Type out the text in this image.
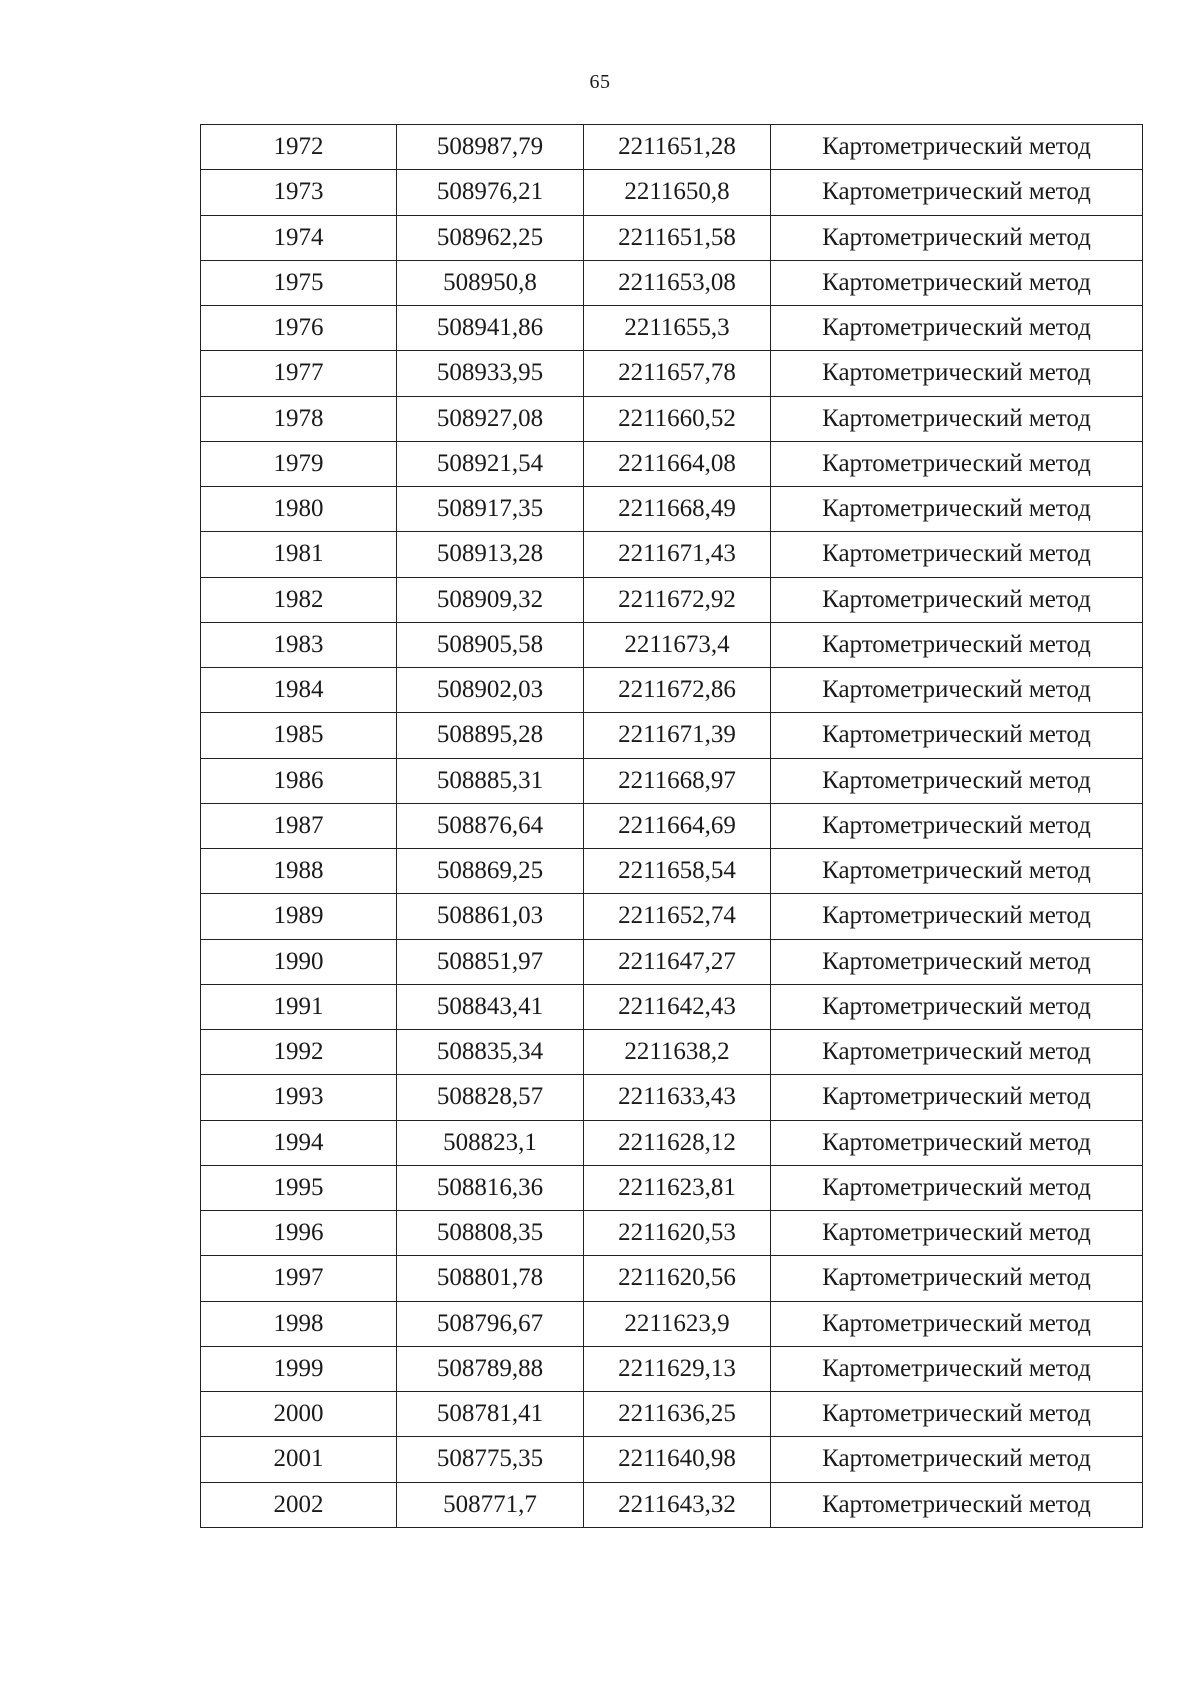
65
1972	508987,79	2211651,28	Картометрический метод
1973	508976,21	2211650,8	Картометрический метод
1974	508962,25	2211651,58	Картометрический метод
1975	508950,8	2211653,08	Картометрический метод
1976	508941,86	2211655,3	Картометрический метод
1977	508933,95	2211657,78	Картометрический метод
1978	508927,08	2211660,52	Картометрический метод
1979	508921,54	2211664,08	Картометрический метод
1980	508917,35	2211668,49	Картометрический метод
1981	508913,28	2211671,43	Картометрический метод
1982	508909,32	2211672,92	Картометрический метод
1983	508905,58	2211673,4	Картометрический метод
1984	508902,03	2211672,86	Картометрический метод
1985	508895,28	2211671,39	Картометрический метод
1986	508885,31	2211668,97	Картометрический метод
1987	508876,64	2211664,69	Картометрический метод
1988	508869,25	2211658,54	Картометрический метод
1989	508861,03	2211652,74	Картометрический метод
1990	508851,97	2211647,27	Картометрический метод
1991	508843,41	2211642,43	Картометрический метод
1992	508835,34	2211638,2	Картометрический метод
1993	508828,57	2211633,43	Картометрический метод
1994	508823,1	2211628,12	Картометрический метод
1995	508816,36	2211623,81	Картометрический метод
1996	508808,35	2211620,53	Картометрический метод
1997	508801,78	2211620,56	Картометрический метод
1998	508796,67	2211623,9	Картометрический метод
1999	508789,88	2211629,13	Картометрический метод
2000	508781,41	2211636,25	Картометрический метод
2001	508775,35	2211640,98	Картометрический метод
2002	508771,7	2211643,32	Картометрический метод
